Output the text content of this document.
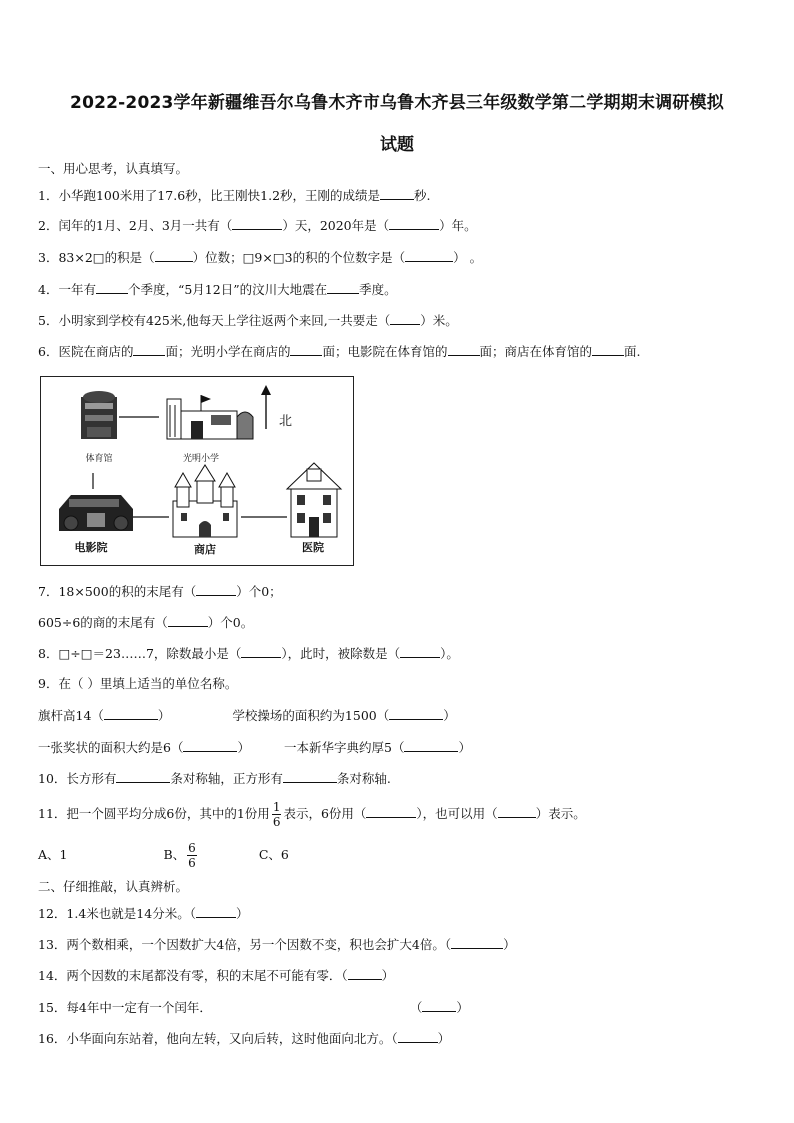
2022-2023学年新疆维吾尔乌鲁木齐市乌鲁木齐县三年级数学第二学期期末调研模拟
试题
一、用心思考，认真填写。
1．小华跑100米用了17.6秒，比王刚快1.2秒，王刚的成绩是	秒.
2．闰年的1月、2月、3月一共有（	）天，2020年是（	）年。
3．83×2□的积是（	）位数；□9×□3的积的个位数字是（	） 。
4．一年有	个季度，“5月12日”的汶川大地震在	季度。
5．小明家到学校有425米,他每天上学往返两个来回,一共要走（ ）米。
6．医院在商店的	面；光明小学在商店的	面；电影院在体育馆的	面；商店在体育馆的	面.
北
体育馆	光明小学
电影院	商店	医院
7．18×500的积的末尾有（	）个0；
605÷6的商的末尾有（	）个0。
8．□÷□＝23……7，除数最小是（	），此时，被除数是（	）。
9．在（ ）里填上适当的单位名称。
旗杆高14（	）	学校操场的面积约为1500（	）
一张奖状的面积大约是6（	）	一本新华字典约厚5（	）
10．长方形有	条对称轴，正方形有	条对称轴.
11．把一个圆平均分成6份，其中的1份用 $\frac{1}{6}$ 表示，6份用（	），也可以用（	）表示。
A、1	B、 $\frac{6}{6}$	C、6
二、仔细推敲，认真辨析。
12．1.4米也就是14分米。（	）
13．两个数相乘，一个因数扩大4倍，另一个因数不变，积也会扩大4倍。（	）
14．两个因数的末尾都没有零，积的末尾不可能有零．（	）
15．每4年中一定有一个闰年．	（	）
16．小华面向东站着，他向左转，又向后转，这时他面向北方。（	）
